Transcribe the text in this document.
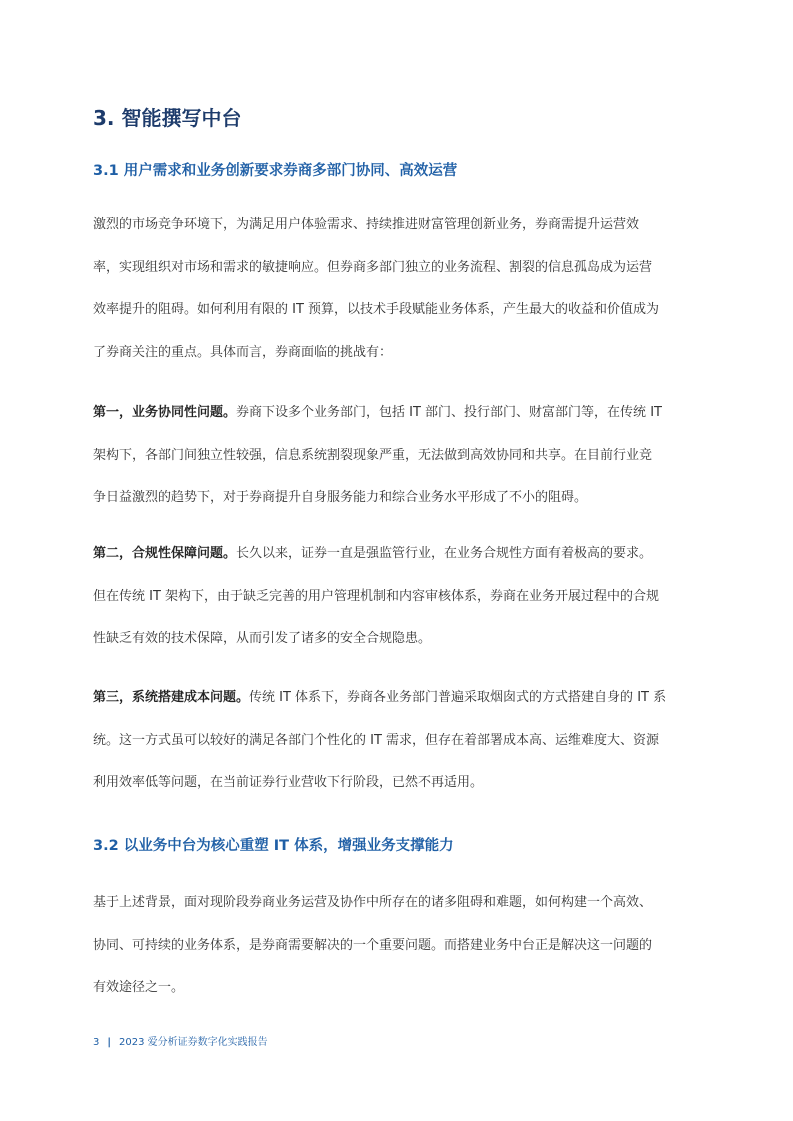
3. 智能撰写中台
3.1 用户需求和业务创新要求券商多部门协同、高效运营
激烈的市场竞争环境下，为满足用户体验需求、持续推进财富管理创新业务，券商需提升运营效
率，实现组织对市场和需求的敏捷响应。但券商多部门独立的业务流程、割裂的信息孤岛成为运营
效率提升的阻碍。如何利用有限的 IT 预算，以技术手段赋能业务体系，产生最大的收益和价值成为
了券商关注的重点。具体而言，券商面临的挑战有：
第一，业务协同性问题。券商下设多个业务部门，包括 IT 部门、投行部门、财富部门等，在传统 IT
架构下，各部门间独立性较强，信息系统割裂现象严重，无法做到高效协同和共享。在目前行业竞
争日益激烈的趋势下，对于券商提升自身服务能力和综合业务水平形成了不小的阻碍。
第二，合规性保障问题。长久以来，证券一直是强监管行业，在业务合规性方面有着极高的要求。
但在传统 IT 架构下，由于缺乏完善的用户管理机制和内容审核体系，券商在业务开展过程中的合规
性缺乏有效的技术保障，从而引发了诸多的安全合规隐患。
第三，系统搭建成本问题。传统 IT 体系下，券商各业务部门普遍采取烟囱式的方式搭建自身的 IT 系
统。这一方式虽可以较好的满足各部门个性化的 IT 需求，但存在着部署成本高、运维难度大、资源
利用效率低等问题，在当前证券行业营收下行阶段，已然不再适用。
3.2 以业务中台为核心重塑 IT 体系，增强业务支撑能力
基于上述背景，面对现阶段券商业务运营及协作中所存在的诸多阻碍和难题，如何构建一个高效、
协同、可持续的业务体系，是券商需要解决的一个重要问题。而搭建业务中台正是解决这一问题的
有效途径之一。
3 | 2023 爱分析证券数字化实践报告
